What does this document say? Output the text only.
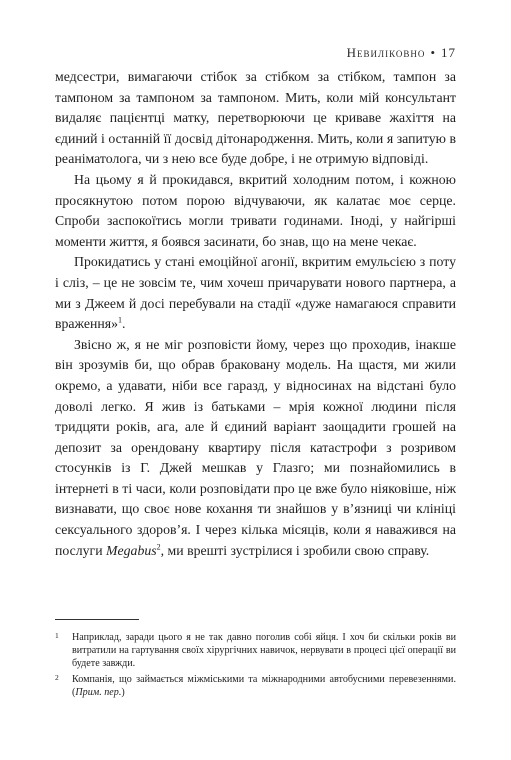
Невиліковно • 17

медсестри, вимагаючи стібок за стібком за стібком, тампон за тампоном за тампоном за тампоном. Мить, коли мій консультант видаляє пацієнтці матку, перетворюючи це криваве жахіття на єдиний і останній її досвід дітонародження. Мить, коли я запитую в реаніматолога, чи з нею все буде добре, і не отримую відповіді.

На цьому я й прокидався, вкритий холодним потом, і кожною просякнутою потом порою відчуваючи, як калатає моє серце. Спроби заспокоїтись могли тривати годинами. Іноді, у найгірші моменти життя, я боявся засинати, бо знав, що на мене чекає.

Прокидатись у стані емоційної агонії, вкритим емульсією з поту і сліз, – це не зовсім те, чим хочеш причарувати нового партнера, а ми з Джеем й досі перебували на стадії «дуже намагаюся справити враження»$^1$.

Звісно ж, я не міг розповісти йому, через що проходив, інакше він зрозумів би, що обрав браковану модель. На щастя, ми жили окремо, а удавати, ніби все гаразд, у відносинах на відстані було доволі легко. Я жив із батьками – мрія кожної людини після тридцяти років, ага, але й єдиний варіант заощадити грошей на депозит за орендовану квартиру після катастрофи з розривом стосунків із Г. Джей мешкав у Глазго; ми познайомились в інтернеті в ті часи, коли розповідати про це вже було ніяковіше, ніж визнавати, що своє нове кохання ти знайшов у в’язниці чи клініці сексуального здоров’я. І через кілька місяців, коли я наважився на послуги Megabus$^2$, ми врешті зустрілися і зробили свою справу.

1 Наприклад, заради цього я не так давно поголив собі яйця. І хоч би скільки років ви витратили на гартування своїх хірургічних навичок, нервувати в процесі цієї операції ви будете завжди.
2 Компанія, що займається міжміськими та міжнародними автобусними перевезеннями. (Прим. пер.)
